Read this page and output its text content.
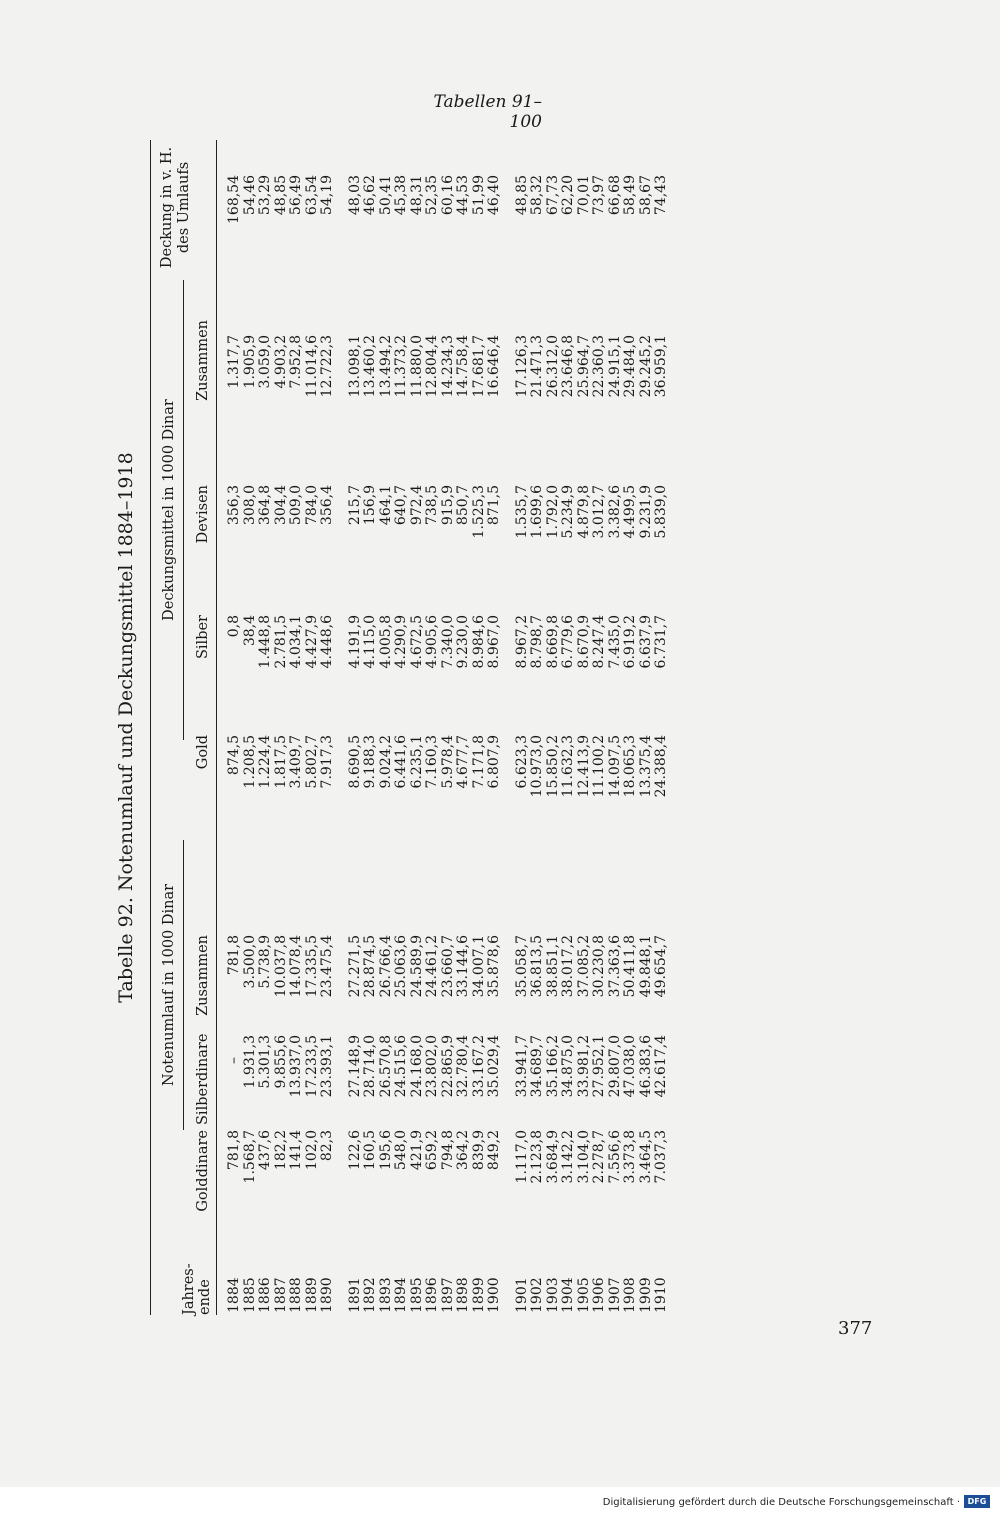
Tabellen 91–100
Tabelle 92. Notenumlauf und Deckungsmittel 1884–1918 Notenumlauf in 1000 Dinar
Deckungsmittel in 1000 Dinar
Deckung in v. H.
des Umlaufs
Jahres-
ende
Golddinare
Silberdinare
Zusammen
Gold
Silber
Devisen
Zusammen
1884 1885 1886 1887 1888 1889 1890 1891 1892 1893 1894 1895 1896 1897 1898 1899 1900 1901 1902 1903 1904 1905 1906 1907 1908 1909 1910
781,8 1.568,7 437,6 182,2 141,4 102,0 82,3 122,6 160,5 195,6 548,0 421,9 659,2 794,8 364,2 839,9 849,2 1.117,0 2.123,8 3.684,9 3.142,2 3.104,0 2.278,7 7.556,6 3.373,8 3.464,5 7.037,3
– 1.931,3 5.301,3 9.855,6 13.937,0 17.233,5 23.393,1 27.148,9 28.714,0 26.570,8 24.515,6 24.168,0 23.802,0 22.865,9 32.780,4 33.167,2 35.029,4 33.941,7 34.689,7 35.166,2 34.875,0 33.981,2 27.952,1 29.807,0 47.038,0 46.383,6 42.617,4
781,8 3.500,0 5.738,9 10.037,8 14.078,4 17.335,5 23.475,4 27.271,5 28.874,5 26.766,4 25.063,6 24.589,9 24.461,2 23.660,7 33.144,6 34.007,1 35.878,6 35.058,7 36.813,5 38.851,1 38.017,2 37.085,2 30.230,8 37.363,6 50.411,8 49.848,1 49.654,7
874,5 1.208,5 1.224,4 1.817,5 3.409,7 5.802,7 7.917,3 8.690,5 9.188,3 9.024,2 6.441,6 6.235,1 7.160,3 5.978,4 4.677,7 7.171,8 6.807,9 6.623,3 10.973,0 15.850,2 11.632,3 12.413,9 11.100,2 14.097,5 18.065,3 13.375,4 24.388,4
0,8 38,4 1.448,8 2.781,5 4.034,1 4.427,9 4.448,6 4.191,9 4.115,0 4.005,8 4.290,9 4.672,5 4.905,6 7.340,0 9.230,0 8.984,6 8.967,0 8.967,2 8.798,7 8.669,8 6.779,6 8.670,9 8.247,4 7.435,0 6.919,2 6.637,9 6.731,7
356,3 308,0 364,8 304,4 509,0 784,0 356,4 215,7 156,9 464,1 640,7 972,4 738,5 915,9 850,7 1.525,3 871,5 1.535,7 1.699,6 1.792,0 5.234,9 4.879,8 3.012,7 3.382,6 4.499,5 9.231,9 5.839,0
1.317,7 1.905,9 3.059,0 4.903,2 7.952,8 11.014,6 12.722,3 13.098,1 13.460,2 13.494,2 11.373,2 11.880,0 12.804,4 14.234,3 14.758,4 17.681,7 16.646,4 17.126,3 21.471,3 26.312,0 23.646,8 25.964,7 22.360,3 24.915,1 29.484,0 29.245,2 36.959,1
168,54 54,46 53,29 48,85 56,49 63,54 54,19 48,03 46,62 50,41 45,38 48,31 52,35 60,16 44,53 51,99 46,40 48,85 58,32 67,73 62,20 70,01 73,97 66,68 58,49 58,67 74,43
377
Digitalisierung gefördert durch die Deutsche Forschungsgemeinschaft · DFG
